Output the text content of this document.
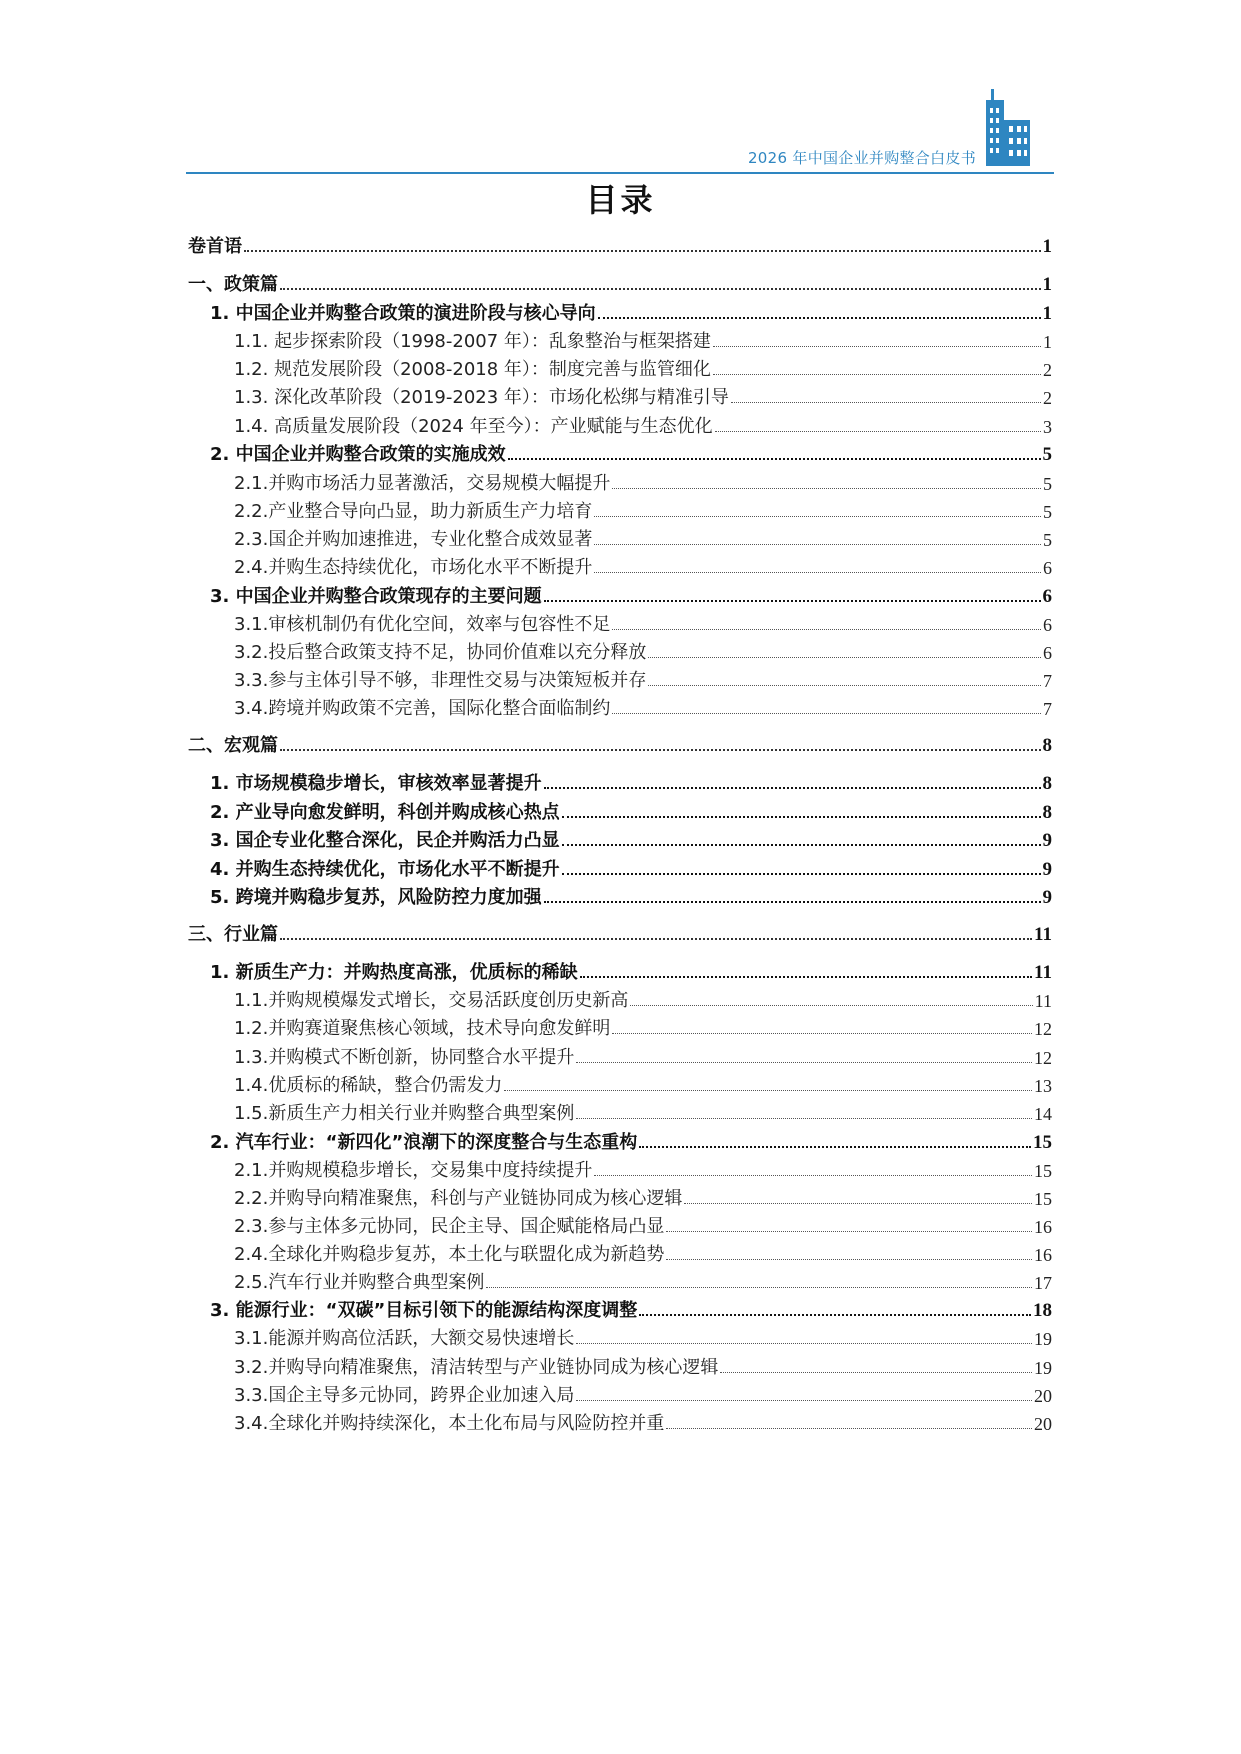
2026 年中国企业并购整合白皮书
目录
卷首语	1
一、政策篇	1
1. 中国企业并购整合政策的演进阶段与核心导向	1
1.1. 起步探索阶段（1998-2007 年）：乱象整治与框架搭建	1
1.2. 规范发展阶段（2008-2018 年）：制度完善与监管细化	2
1.3. 深化改革阶段（2019-2023 年）：市场化松绑与精准引导	2
1.4. 高质量发展阶段（2024 年至今）：产业赋能与生态优化	3
2. 中国企业并购整合政策的实施成效	5
2.1.并购市场活力显著激活，交易规模大幅提升	5
2.2.产业整合导向凸显，助力新质生产力培育	5
2.3.国企并购加速推进，专业化整合成效显著	5
2.4.并购生态持续优化，市场化水平不断提升	6
3. 中国企业并购整合政策现存的主要问题	6
3.1.审核机制仍有优化空间，效率与包容性不足	6
3.2.投后整合政策支持不足，协同价值难以充分释放	6
3.3.参与主体引导不够，非理性交易与决策短板并存	7
3.4.跨境并购政策不完善，国际化整合面临制约	7
二、宏观篇	8
1. 市场规模稳步增长，审核效率显著提升	8
2. 产业导向愈发鲜明，科创并购成核心热点	8
3. 国企专业化整合深化，民企并购活力凸显	9
4. 并购生态持续优化，市场化水平不断提升	9
5. 跨境并购稳步复苏，风险防控力度加强	9
三、行业篇	11
1. 新质生产力：并购热度高涨，优质标的稀缺	11
1.1.并购规模爆发式增长，交易活跃度创历史新高	11
1.2.并购赛道聚焦核心领域，技术导向愈发鲜明	12
1.3.并购模式不断创新，协同整合水平提升	12
1.4.优质标的稀缺，整合仍需发力	13
1.5.新质生产力相关行业并购整合典型案例	14
2. 汽车行业：“新四化”浪潮下的深度整合与生态重构	15
2.1.并购规模稳步增长，交易集中度持续提升	15
2.2.并购导向精准聚焦，科创与产业链协同成为核心逻辑	15
2.3.参与主体多元协同，民企主导、国企赋能格局凸显	16
2.4.全球化并购稳步复苏，本土化与联盟化成为新趋势	16
2.5.汽车行业并购整合典型案例	17
3. 能源行业：“双碳”目标引领下的能源结构深度调整	18
3.1.能源并购高位活跃，大额交易快速增长	19
3.2.并购导向精准聚焦，清洁转型与产业链协同成为核心逻辑	19
3.3.国企主导多元协同，跨界企业加速入局	20
3.4.全球化并购持续深化，本土化布局与风险防控并重	20
